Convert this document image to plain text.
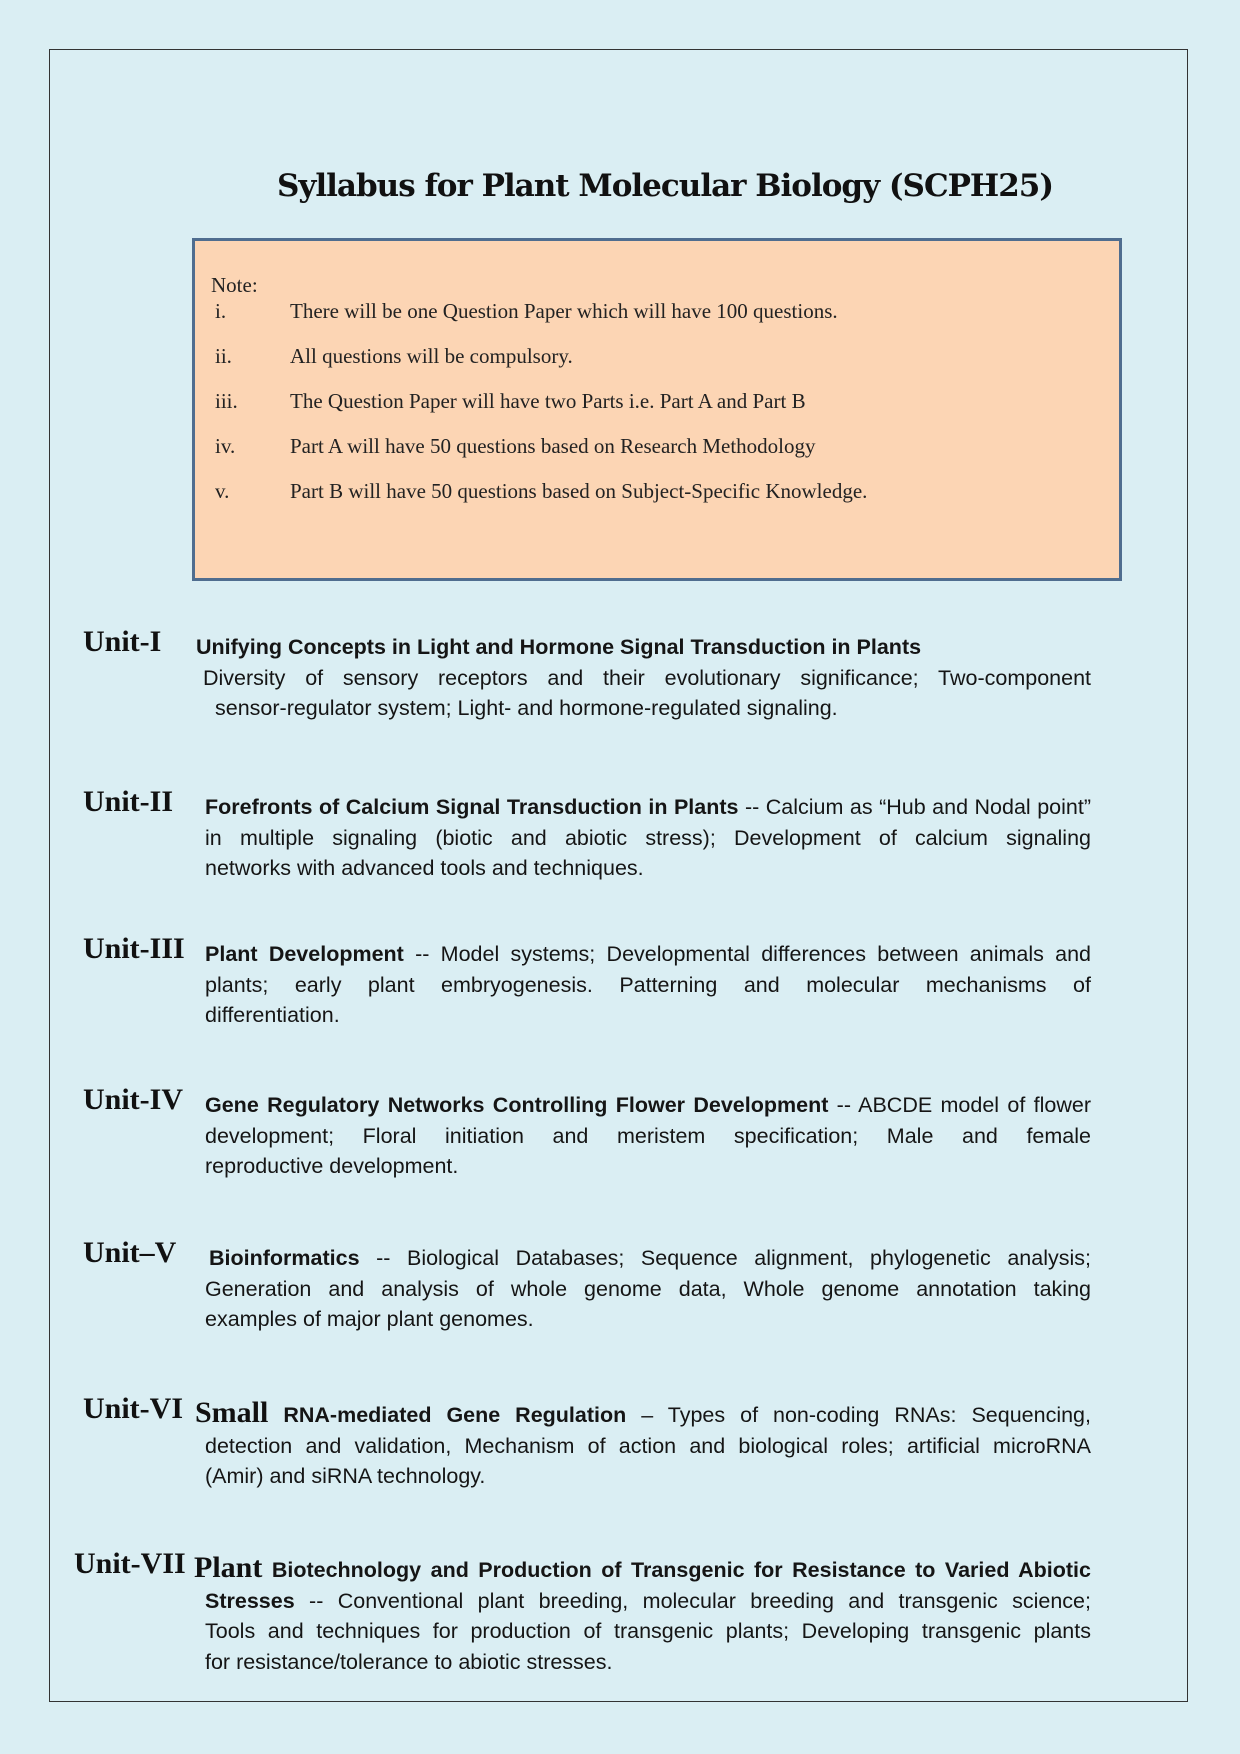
Syllabus for Plant Molecular Biology (SCPH25)
Note:
i.	There will be one Question Paper which will have 100 questions.
ii.	All questions will be compulsory.
iii. The Question Paper will have two Parts i.e. Part A and Part B
iv.	Part A will have 50 questions based on Research Methodology
v.	Part B will have 50 questions based on Subject-Specific Knowledge.
Unit-I Unifying Concepts in Light and Hormone Signal Transduction in Plants
Diversity of sensory receptors and their evolutionary significance; Two-component
sensor-regulator system; Light- and hormone-regulated signaling.
Unit-II Forefronts of Calcium Signal Transduction in Plants -- Calcium as “Hub and Nodal point”
in multiple signaling (biotic and abiotic stress); Development of calcium signaling
networks with advanced tools and techniques.
Unit-III Plant Development -- Model systems; Developmental differences between animals and
plants; early plant embryogenesis. Patterning and molecular mechanisms of
differentiation.
Unit-IV Gene Regulatory Networks Controlling Flower Development -- ABCDE model of flower
development; Floral initiation and meristem specification; Male and female
reproductive development.
Unit–V Bioinformatics -- Biological Databases; Sequence alignment, phylogenetic analysis;
Generation and analysis of whole genome data, Whole genome annotation taking
examples of major plant genomes.
Unit-VI Small RNA-mediated Gene Regulation – Types of non-coding RNAs: Sequencing,
detection and validation, Mechanism of action and biological roles; artificial microRNA
(Amir) and siRNA technology.
Unit-VII Plant Biotechnology and Production of Transgenic for Resistance to Varied Abiotic
Stresses -- Conventional plant breeding, molecular breeding and transgenic science;
Tools and techniques for production of transgenic plants; Developing transgenic plants
for resistance/tolerance to abiotic stresses.
